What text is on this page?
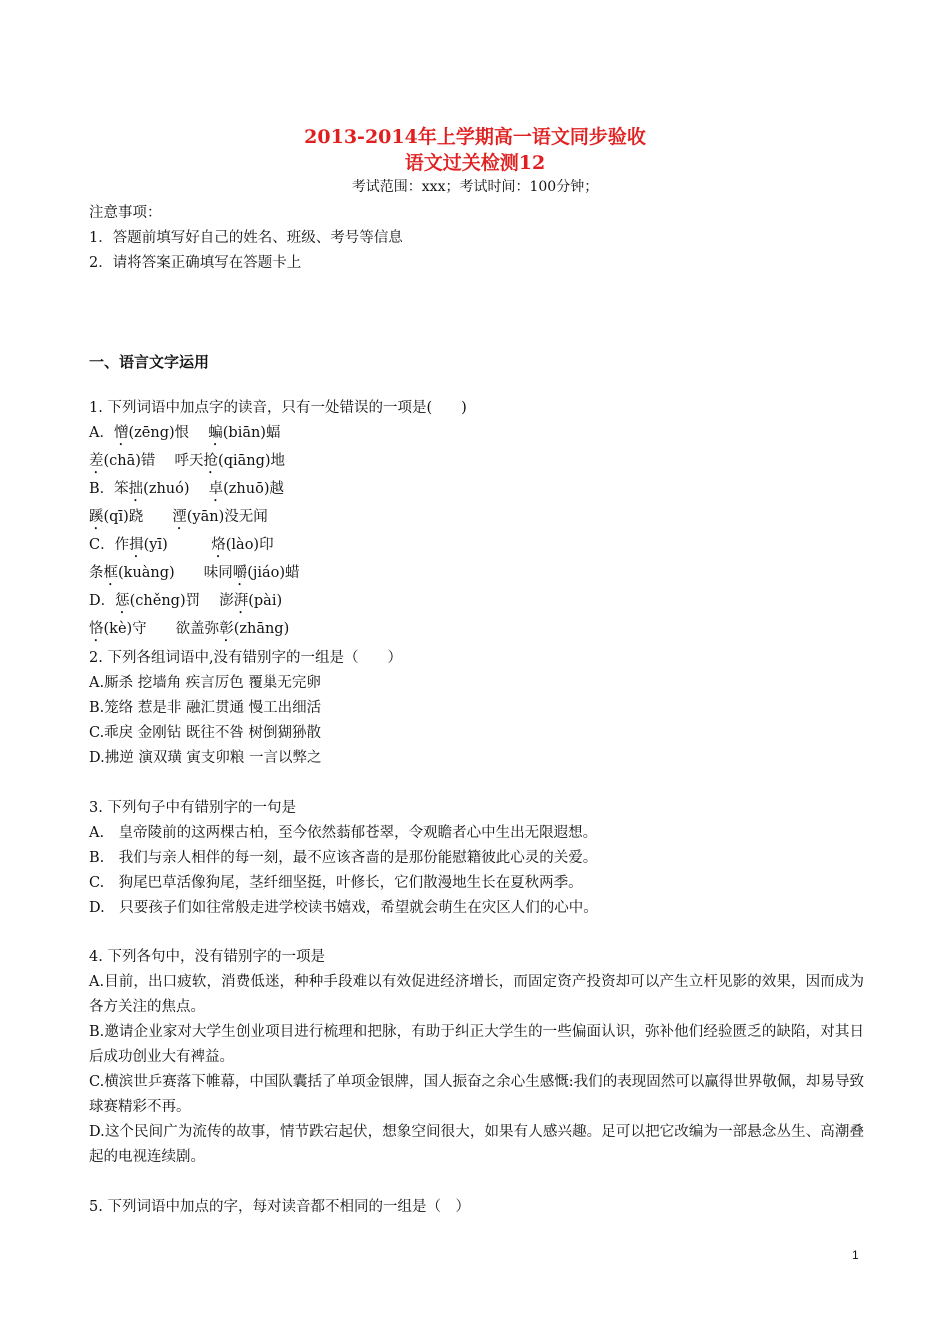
2013-2014年上学期高一语文同步验收
语文过关检测12
考试范围：xxx；考试时间：100分钟；

注意事项：

1．答题前填写好自己的姓名、班级、考号等信息

2．请将答案正确填写在答题卡上

一、语言文字运用

1. 下列词语中加点字的读音，只有一处错误的一项是(　　)

A．憎(zēng)恨　 蝙(biān)蝠

差(chā)错　 呼天抢(qiāng)地

B．笨拙(zhuó)　 卓(zhuō)越

蹊(qī)跷　　湮(yān)没无闻

C．作揖(yī)　　　烙(lào)印

条框(kuàng)　　味同嚼(jiáo)蜡

D．惩(chěng)罚　 澎湃(pài)

恪(kè)守　　欲盖弥彰(zhāng)

2. 下列各组词语中,没有错别字的一组是（　　）

A.厮杀 挖墙角 疾言厉色 覆巢无完卵

B.笼络 惹是非 融汇贯通 慢工出细活

C.乖戾 金刚钻 既往不咎 树倒猢狲散

D.拂逆 演双璜 寅支卯粮 一言以弊之

3. 下列句子中有错别字的一句是

A.　皇帝陵前的这两棵古柏，至今依然蓊郁苍翠，令观瞻者心中生出无限遐想。

B.　我们与亲人相伴的每一刻，最不应该吝啬的是那份能慰籍彼此心灵的关爱。

C.　狗尾巴草活像狗尾，茎纤细坚挺，叶修长，它们散漫地生长在夏秋两季。

D.　只要孩子们如往常般走进学校读书嬉戏，希望就会萌生在灾区人们的心中。

4. 下列各句中，没有错别字的一项是

A.目前，出口疲软，消费低迷，种种手段难以有效促进经济增长，而固定资产投资却可以产生立杆见影的效果，因而成为各方关注的焦点。

B.邀请企业家对大学生创业项目进行梳理和把脉，有助于纠正大学生的一些偏面认识，弥补他们经验匮乏的缺陷，对其日后成功创业大有裨益。

C.横滨世乒赛落下帷幕，中国队囊括了单项金银牌，国人振奋之余心生感慨:我们的表现固然可以赢得世界敬佩，却易导致球赛精彩不再。

D.这个民间广为流传的故事，情节跌宕起伏，想象空间很大，如果有人感兴趣。足可以把它改编为一部悬念丛生、高潮叠起的电视连续剧。

5. 下列词语中加点的字，每对读音都不相同的一组是（　）

1
